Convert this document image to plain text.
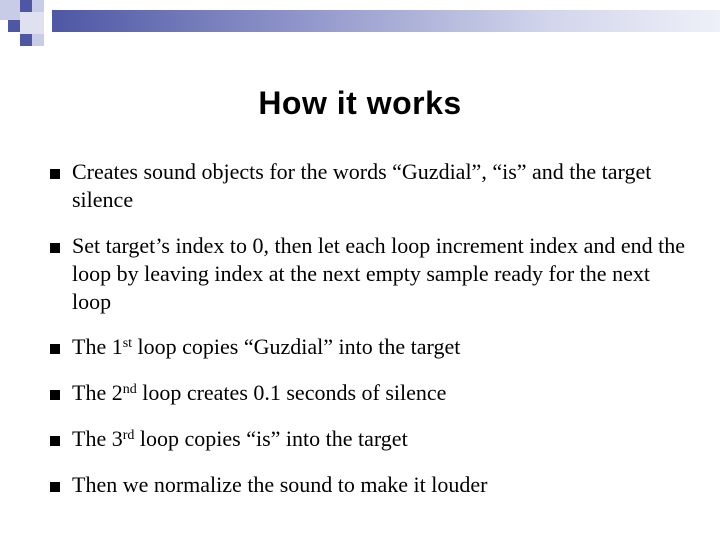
How it works
Creates sound objects for the words “Guzdial”, “is” and the target silence
Set target’s index to 0, then let each loop increment index and end the loop by leaving index at the next empty sample ready for the next loop
The 1st loop copies “Guzdial” into the target
The 2nd loop creates 0.1 seconds of silence
The 3rd loop copies “is” into the target
Then we normalize the sound to make it louder
